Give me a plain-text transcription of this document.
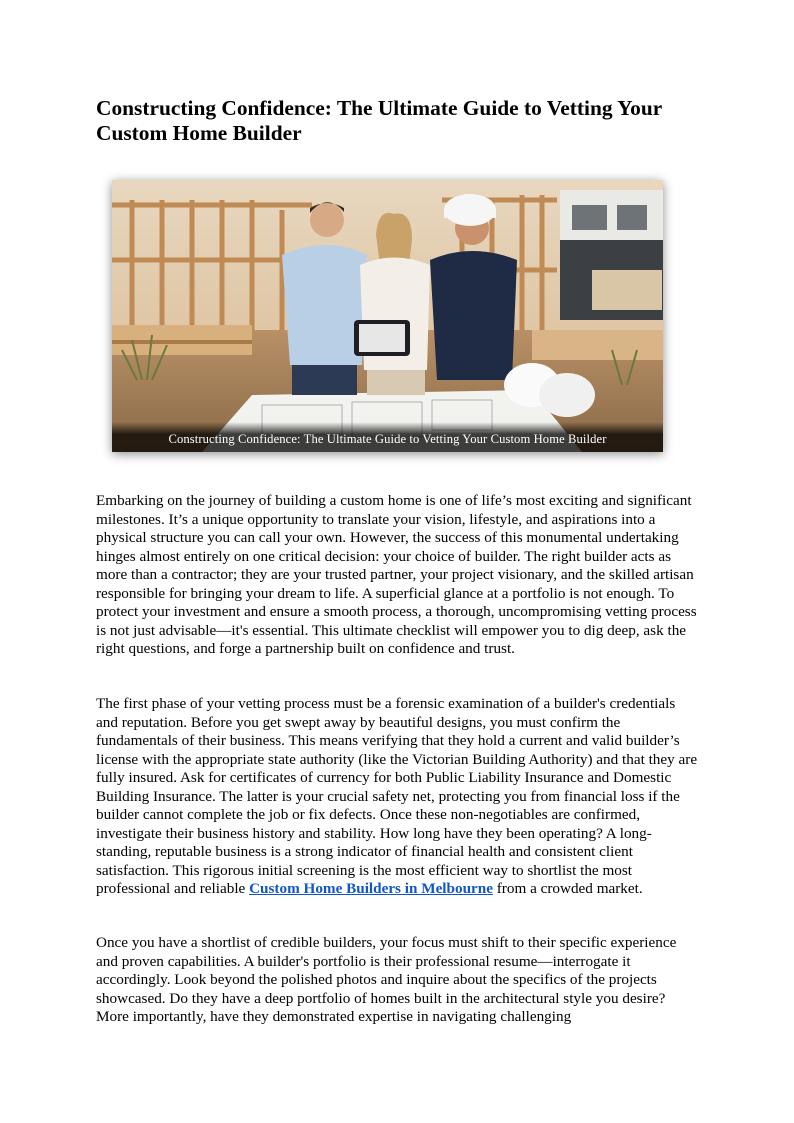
Constructing Confidence: The Ultimate Guide to Vetting Your Custom Home Builder
Constructing Confidence: The Ultimate Guide to Vetting Your Custom Home Builder

Embarking on the journey of building a custom home is one of life’s most exciting and significant milestones. It’s a unique opportunity to translate your vision, lifestyle, and aspirations into a physical structure you can call your own. However, the success of this monumental undertaking hinges almost entirely on one critical decision: your choice of builder. The right builder acts as more than a contractor; they are your trusted partner, your project visionary, and the skilled artisan responsible for bringing your dream to life. A superficial glance at a portfolio is not enough. To protect your investment and ensure a smooth process, a thorough, uncompromising vetting process is not just advisable—it's essential. This ultimate checklist will empower you to dig deep, ask the right questions, and forge a partnership built on confidence and trust.

The first phase of your vetting process must be a forensic examination of a builder's credentials and reputation. Before you get swept away by beautiful designs, you must confirm the fundamentals of their business. This means verifying that they hold a current and valid builder’s license with the appropriate state authority (like the Victorian Building Authority) and that they are fully insured. Ask for certificates of currency for both Public Liability Insurance and Domestic Building Insurance. The latter is your crucial safety net, protecting you from financial loss if the builder cannot complete the job or fix defects. Once these non-negotiables are confirmed, investigate their business history and stability. How long have they been operating? A long-standing, reputable business is a strong indicator of financial health and consistent client satisfaction. This rigorous initial screening is the most efficient way to shortlist the most professional and reliable Custom Home Builders in Melbourne from a crowded market.

Once you have a shortlist of credible builders, your focus must shift to their specific experience and proven capabilities. A builder's portfolio is their professional resume—interrogate it accordingly. Look beyond the polished photos and inquire about the specifics of the projects showcased. Do they have a deep portfolio of homes built in the architectural style you desire? More importantly, have they demonstrated expertise in navigating challenging
